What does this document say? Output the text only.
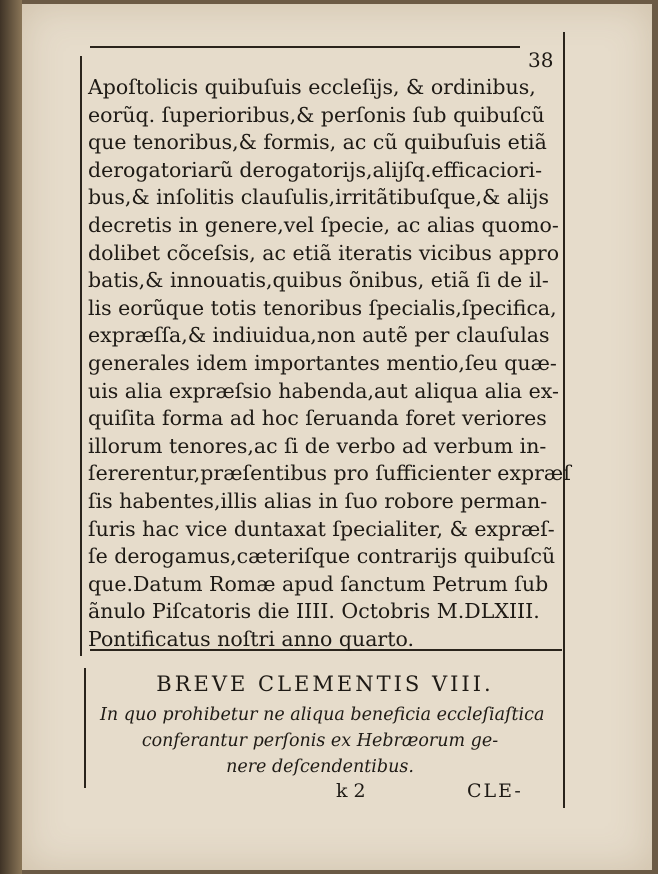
38
Apoſtolicis quibuſuis eccleſijs, & ordinibus,
eorũq. ſuperioribus,& perſonis ſub quibuſcũ
que tenoribus,& formis, ac cũ quibuſuis etiã
derogatoriarũ derogatorijs,alijſq.efficaciori-
bus,& inſolitis clauſulis,irritãtibuſque,& alijs
decretis in genere,vel ſpecie, ac alias quomo-
dolibet cõceſsis, ac etiã iteratis vicibus appro
batis,& innouatis,quibus õnibus, etiã ſi de il-
lis eorũque totis tenoribus ſpecialis,ſpecifica,
expræſſa,& indiuidua,non autẽ per clauſulas
generales idem importantes mentio,ſeu quæ-
uis alia expræſsio habenda,aut aliqua alia ex-
quiſita forma ad hoc ſeruanda foret veriores
illorum tenores,ac ſi de verbo ad verbum in-
ſererentur,præſentibus pro ſufficienter expræſ
ſis habentes,illis alias in ſuo robore perman-
ſuris hac vice duntaxat ſpecialiter, & expræſ-
ſe derogamus,cæteriſque contrarijs quibuſcũ
que.Datum Romæ apud ſanctum Petrum ſub
ãnulo Piſcatoris die IIII. Octobris M.DLXIII.
Pontificatus noſtri anno quarto.
BREVE CLEMENTIS VIII.
In quo prohibetur ne aliqua beneficia eccleſiaſtica
conferantur perſonis ex Hebræorum ge-
nere deſcendentibus.
k 2	CLE-
